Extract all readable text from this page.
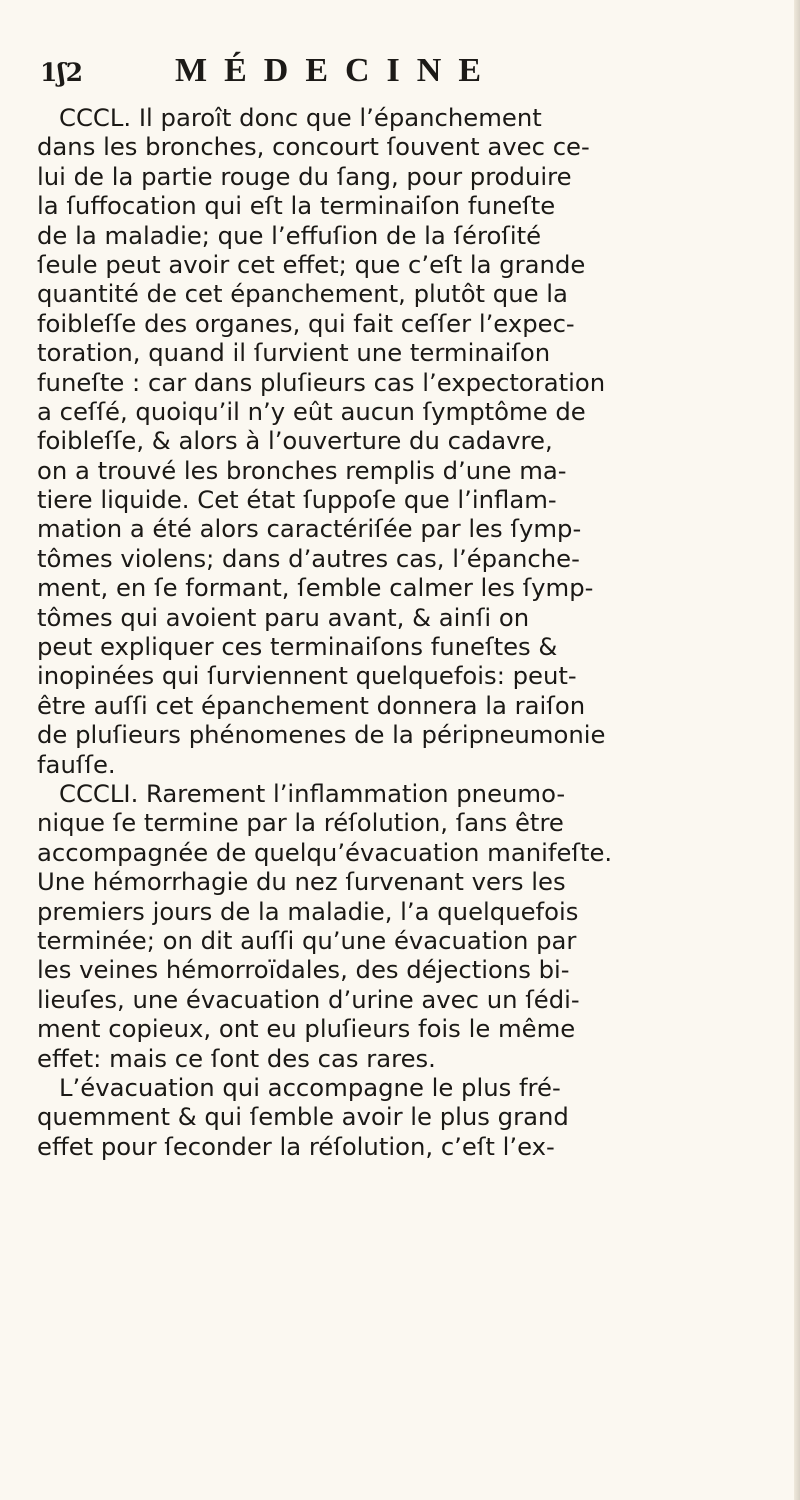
1ʃ2	MÉDECINE
CCCL. Il paroît donc que l’épanchement
dans les bronches, concourt ſouvent avec ce-
lui de la partie rouge du ſang, pour produire
la ſuffocation qui eſt la terminaiſon funeſte
de la maladie; que l’effuſion de la ſéroſité
ſeule peut avoir cet effet; que c’eſt la grande
quantité de cet épanchement, plutôt que la
foibleſſe des organes, qui fait ceſſer l’expec-
toration, quand il ſurvient une terminaiſon
funeſte : car dans pluſieurs cas l’expectoration
a ceſſé, quoiqu’il n’y eût aucun ſymptôme de
foibleſſe, & alors à l’ouverture du cadavre,
on a trouvé les bronches remplis d’une ma-
tiere liquide. Cet état ſuppoſe que l’inflam-
mation a été alors caractériſée par les ſymp-
tômes violens; dans d’autres cas, l’épanche-
ment, en ſe formant, ſemble calmer les ſymp-
tômes qui avoient paru avant, & ainſi on
peut expliquer ces terminaiſons funeſtes &
inopinées qui ſurviennent quelquefois: peut-
être auſſi cet épanchement donnera la raiſon
de pluſieurs phénomenes de la péripneumonie
fauſſe.
CCCLI. Rarement l’inflammation pneumo-
nique ſe termine par la réſolution, ſans être
accompagnée de quelqu’évacuation manifeſte.
Une hémorrhagie du nez ſurvenant vers les
premiers jours de la maladie, l’a quelquefois
terminée; on dit auſſi qu’une évacuation par
les veines hémorroïdales, des déjections bi-
lieuſes, une évacuation d’urine avec un ſédi-
ment copieux, ont eu pluſieurs fois le même
effet: mais ce ſont des cas rares.
L’évacuation qui accompagne le plus fré-
quemment & qui ſemble avoir le plus grand
effet pour ſeconder la réſolution, c’eſt l’ex-
